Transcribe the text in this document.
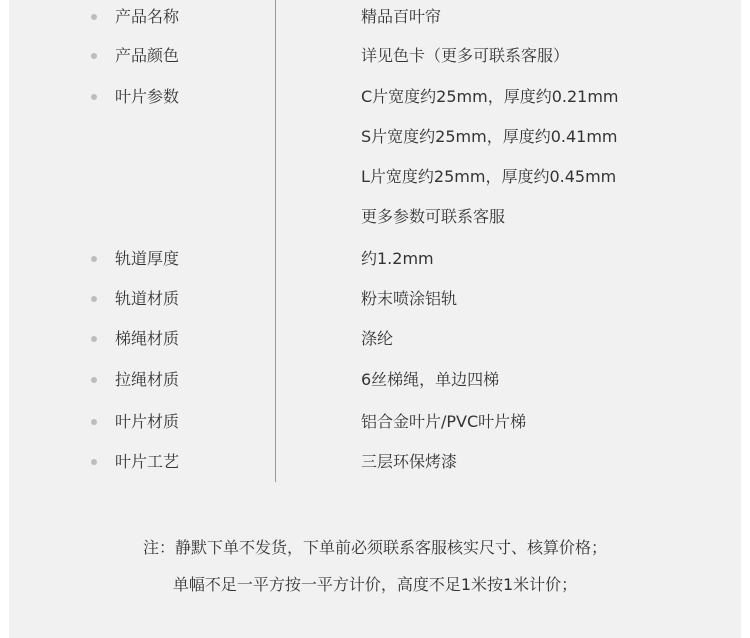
产品名称	精品百叶帘
产品颜色	详见色卡（更多可联系客服）
叶片参数	C片宽度约25mm，厚度约0.21mm
S片宽度约25mm，厚度约0.41mm
L片宽度约25mm，厚度约0.45mm
更多参数可联系客服
轨道厚度	约1.2mm
轨道材质	粉末喷涂铝轨
梯绳材质	涤纶
拉绳材质	6丝梯绳，单边四梯
叶片材质	铝合金叶片/PVC叶片梯
叶片工艺	三层环保烤漆
注：静默下单不发货，下单前必须联系客服核实尺寸、核算价格；
单幅不足一平方按一平方计价，高度不足1米按1米计价；
